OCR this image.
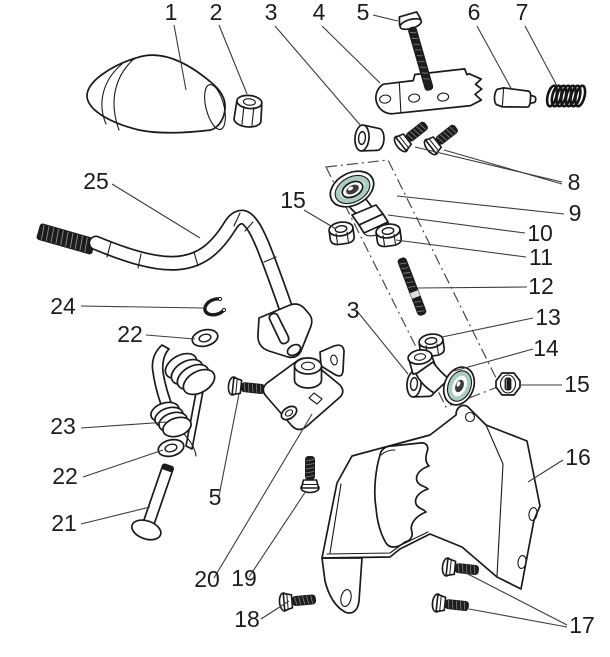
1 2 3 4 5	6 7
8
9
10
11
12
13
14
15
15
16
17
18
19
20
21
22
23
22
24
25
5
3
